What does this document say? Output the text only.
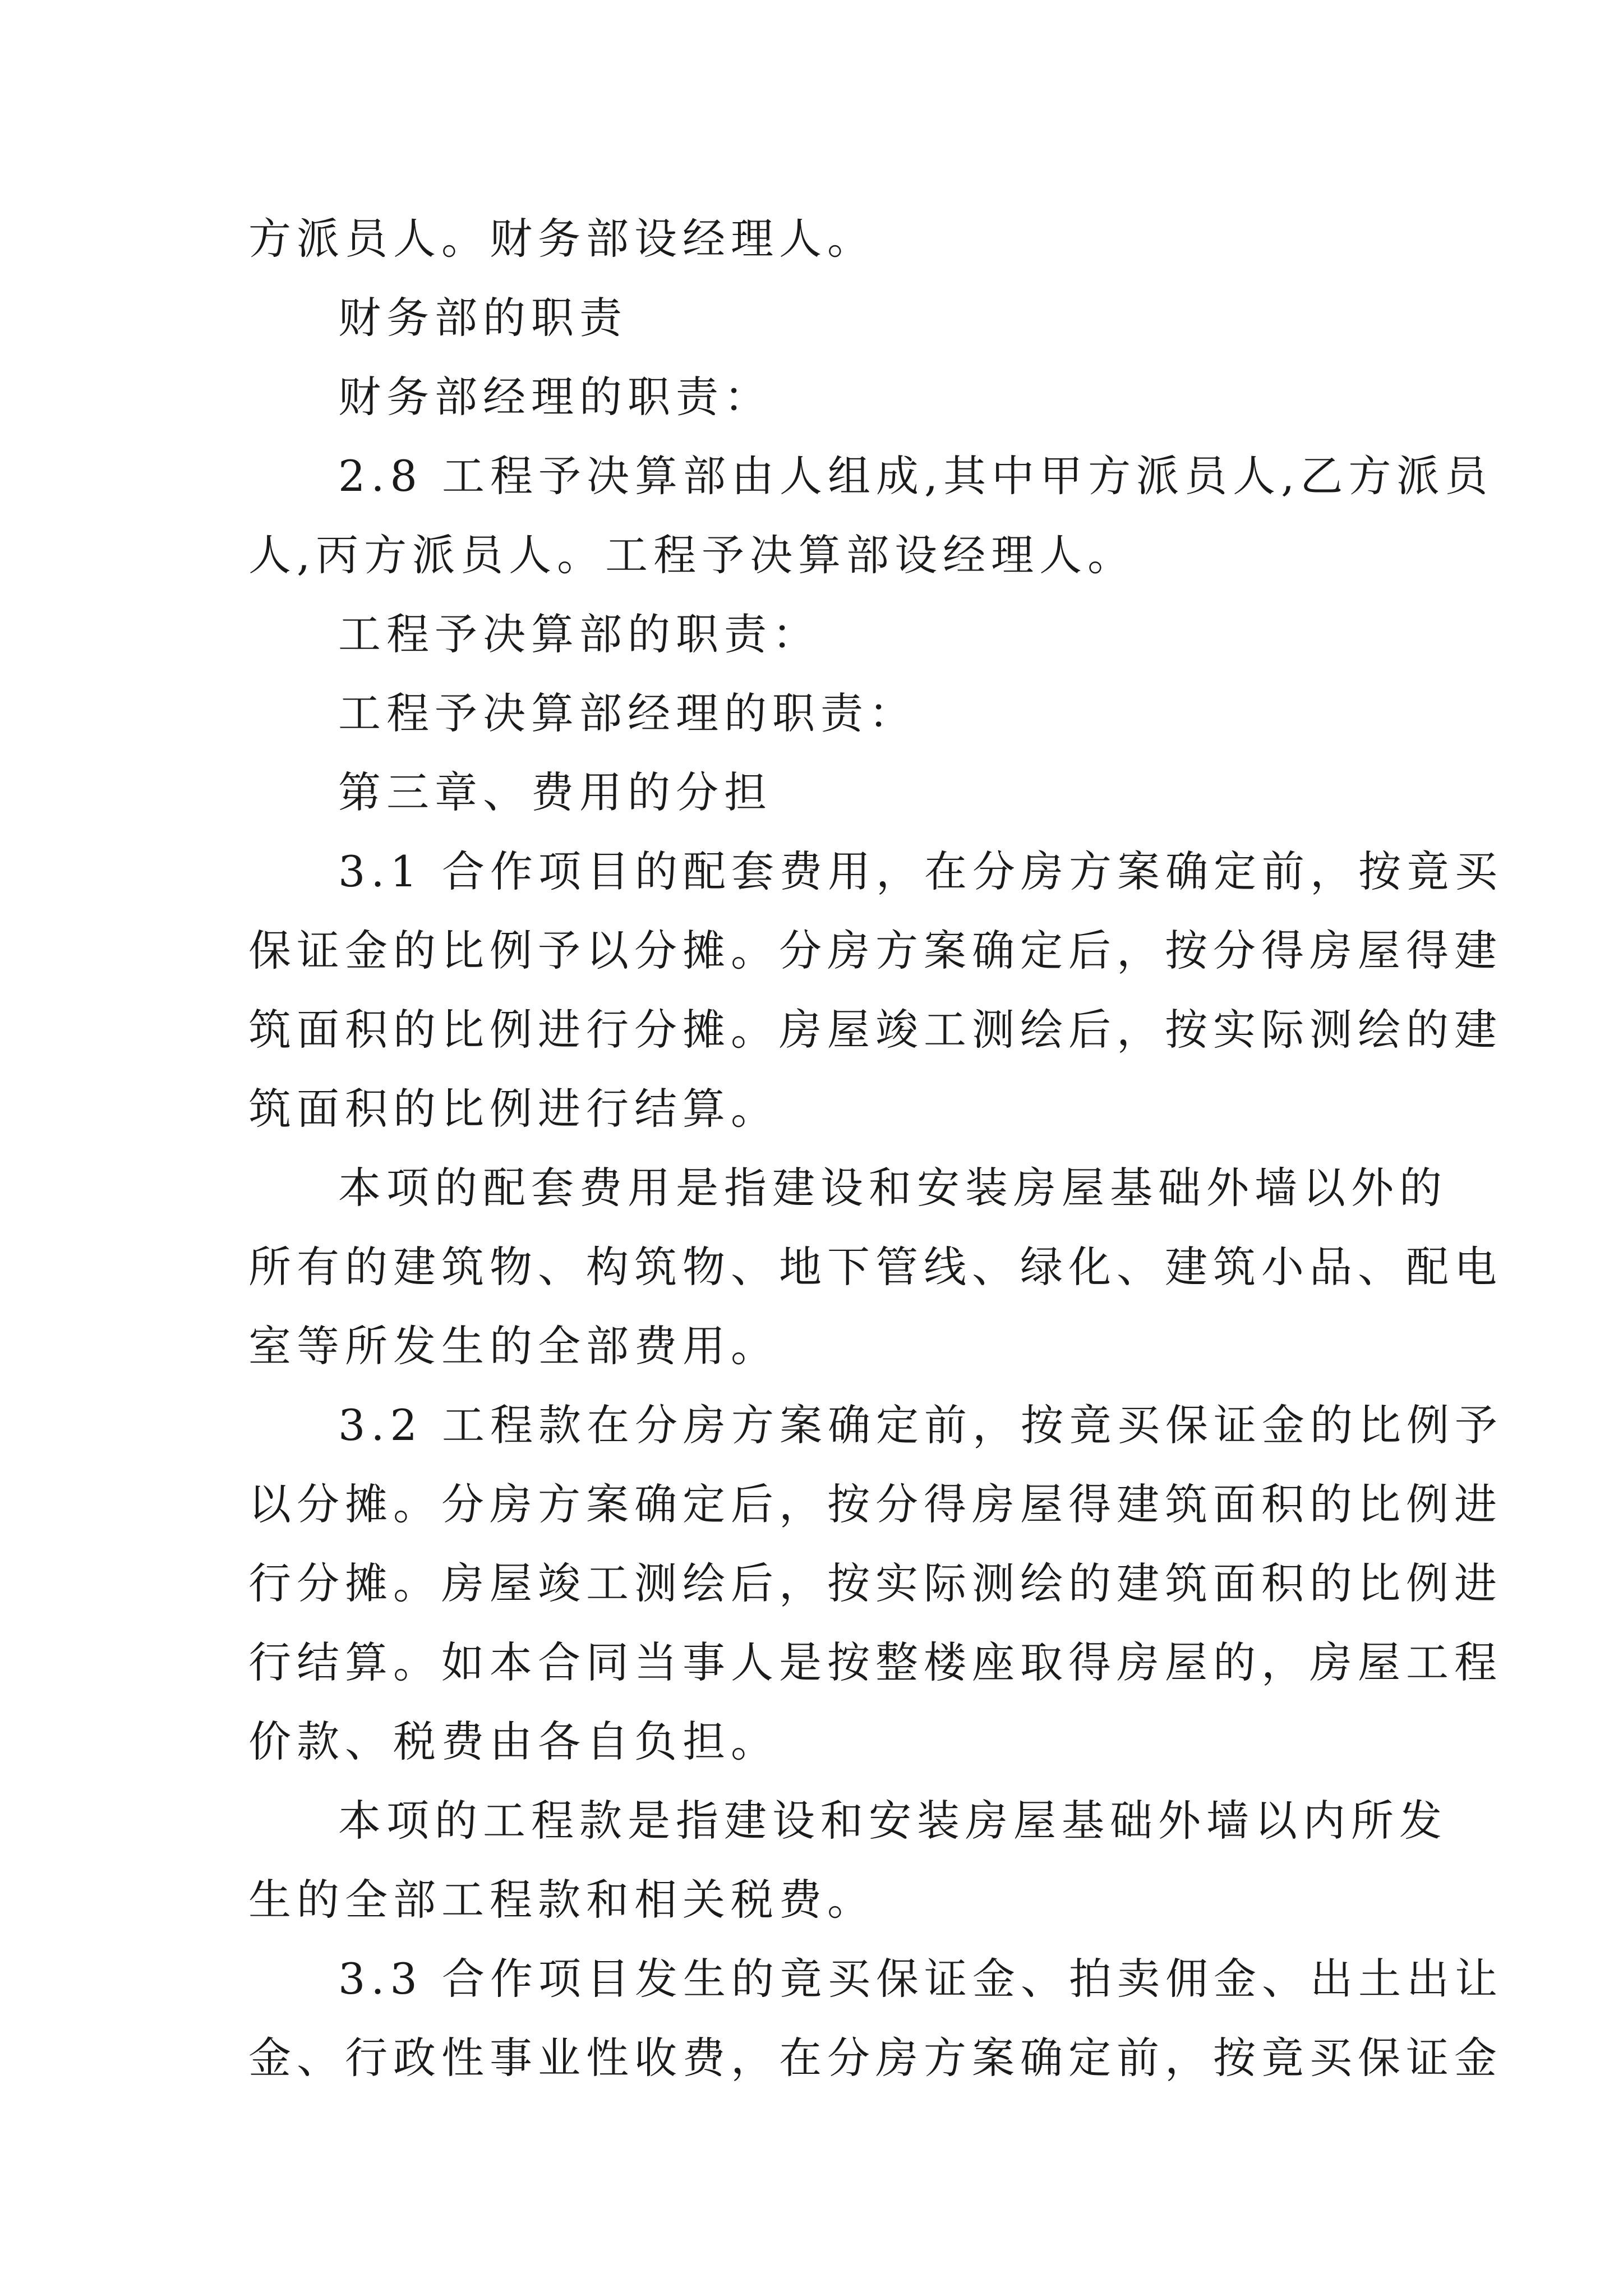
方派员人。财务部设经理人。
财务部的职责
财务部经理的职责：
2.8 工程予决算部由人组成,其中甲方派员人,乙方派员
人,丙方派员人。工程予决算部设经理人。
工程予决算部的职责：
工程予决算部经理的职责：
第三章、费用的分担
3.1 合作项目的配套费用，在分房方案确定前，按竟买
保证金的比例予以分摊。分房方案确定后，按分得房屋得建
筑面积的比例进行分摊。房屋竣工测绘后，按实际测绘的建
筑面积的比例进行结算。
本项的配套费用是指建设和安装房屋基础外墙以外的
所有的建筑物、构筑物、地下管线、绿化、建筑小品、配电
室等所发生的全部费用。
3.2 工程款在分房方案确定前，按竟买保证金的比例予
以分摊。分房方案确定后，按分得房屋得建筑面积的比例进
行分摊。房屋竣工测绘后，按实际测绘的建筑面积的比例进
行结算。如本合同当事人是按整楼座取得房屋的，房屋工程
价款、税费由各自负担。
本项的工程款是指建设和安装房屋基础外墙以内所发
生的全部工程款和相关税费。
3.3 合作项目发生的竟买保证金、拍卖佣金、出土出让
金、行政性事业性收费，在分房方案确定前，按竟买保证金
